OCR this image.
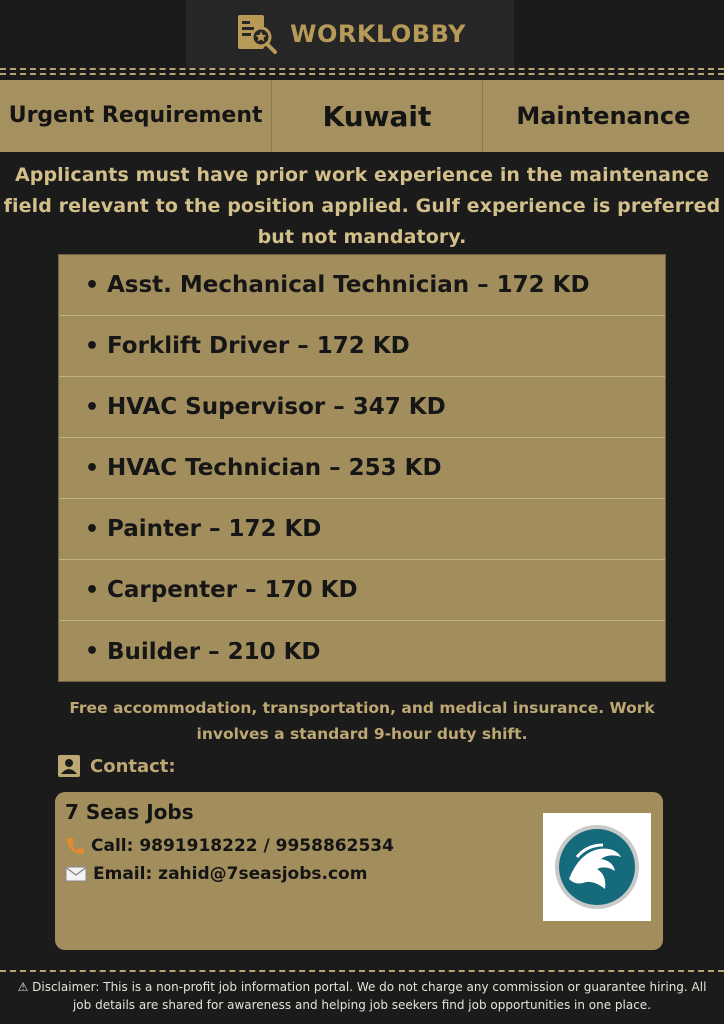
WORKLOBBY
Urgent Requirement	Kuwait	Maintenance
Applicants must have prior work experience in the maintenance field relevant to the position applied. Gulf experience is preferred but not mandatory.
• Asst. Mechanical Technician – 172 KD
• Forklift Driver – 172 KD
• HVAC Supervisor – 347 KD
• HVAC Technician – 253 KD
• Painter – 172 KD
• Carpenter – 170 KD
• Builder – 210 KD
Free accommodation, transportation, and medical insurance. Work involves a standard 9-hour duty shift.
Contact:
7 Seas Jobs
Call: 9891918222 / 9958862534
Email: zahid@7seasjobs.com
⚠ Disclaimer: This is a non-profit job information portal. We do not charge any commission or guarantee hiring. All
job details are shared for awareness and helping job seekers find job opportunities in one place.
